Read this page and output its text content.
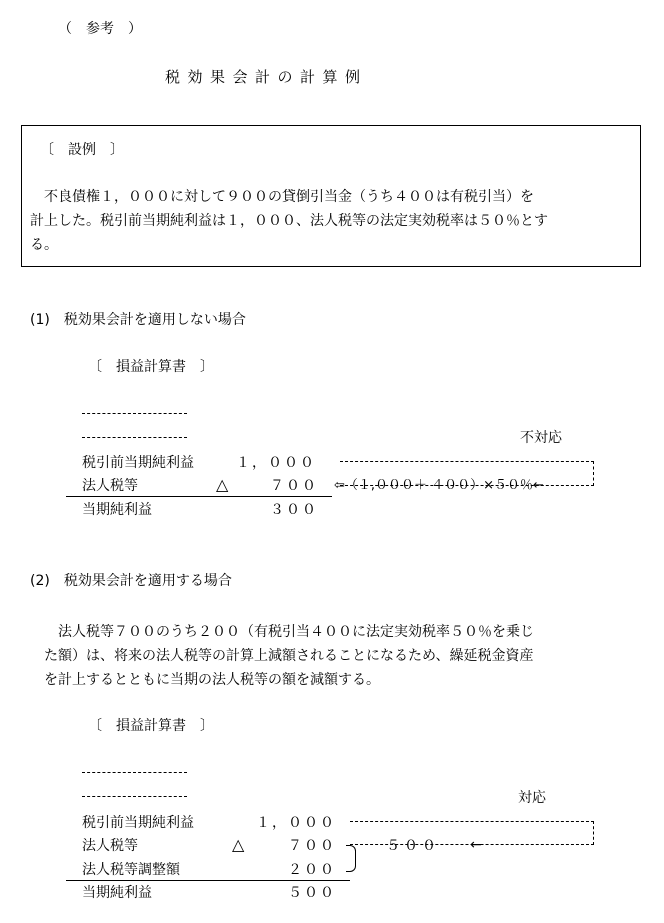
（　参考　）
税効果会計の計算例
〔　設例　〕
　不良債権１，０００に対して９００の貸倒引当金（うち４００は有税引当）を
計上した。税引前当期純利益は１，０００、法人税等の法定実効税率は５０％とす
る。
(1)　税効果会計を適用しない場合
〔　損益計算書　〕
不対応
税引前当期純利益	１，０００
法人税等	△	７００
当期純利益	３００
⇦（１,０００＋ ４００）×５０％←
(2)　税効果会計を適用する場合
　法人税等７００のうち２００（有税引当４００に法定実効税率５０％を乗じ
た額）は、将来の法人税等の計算上減額されることになるため、繰延税金資産
を計上するとともに当期の法人税等の額を減額する。
〔　損益計算書　〕
対応
税引前当期純利益	１，０００
法人税等	△	７００
法人税等調整額	２００
当期純利益	５００
５００ ←
